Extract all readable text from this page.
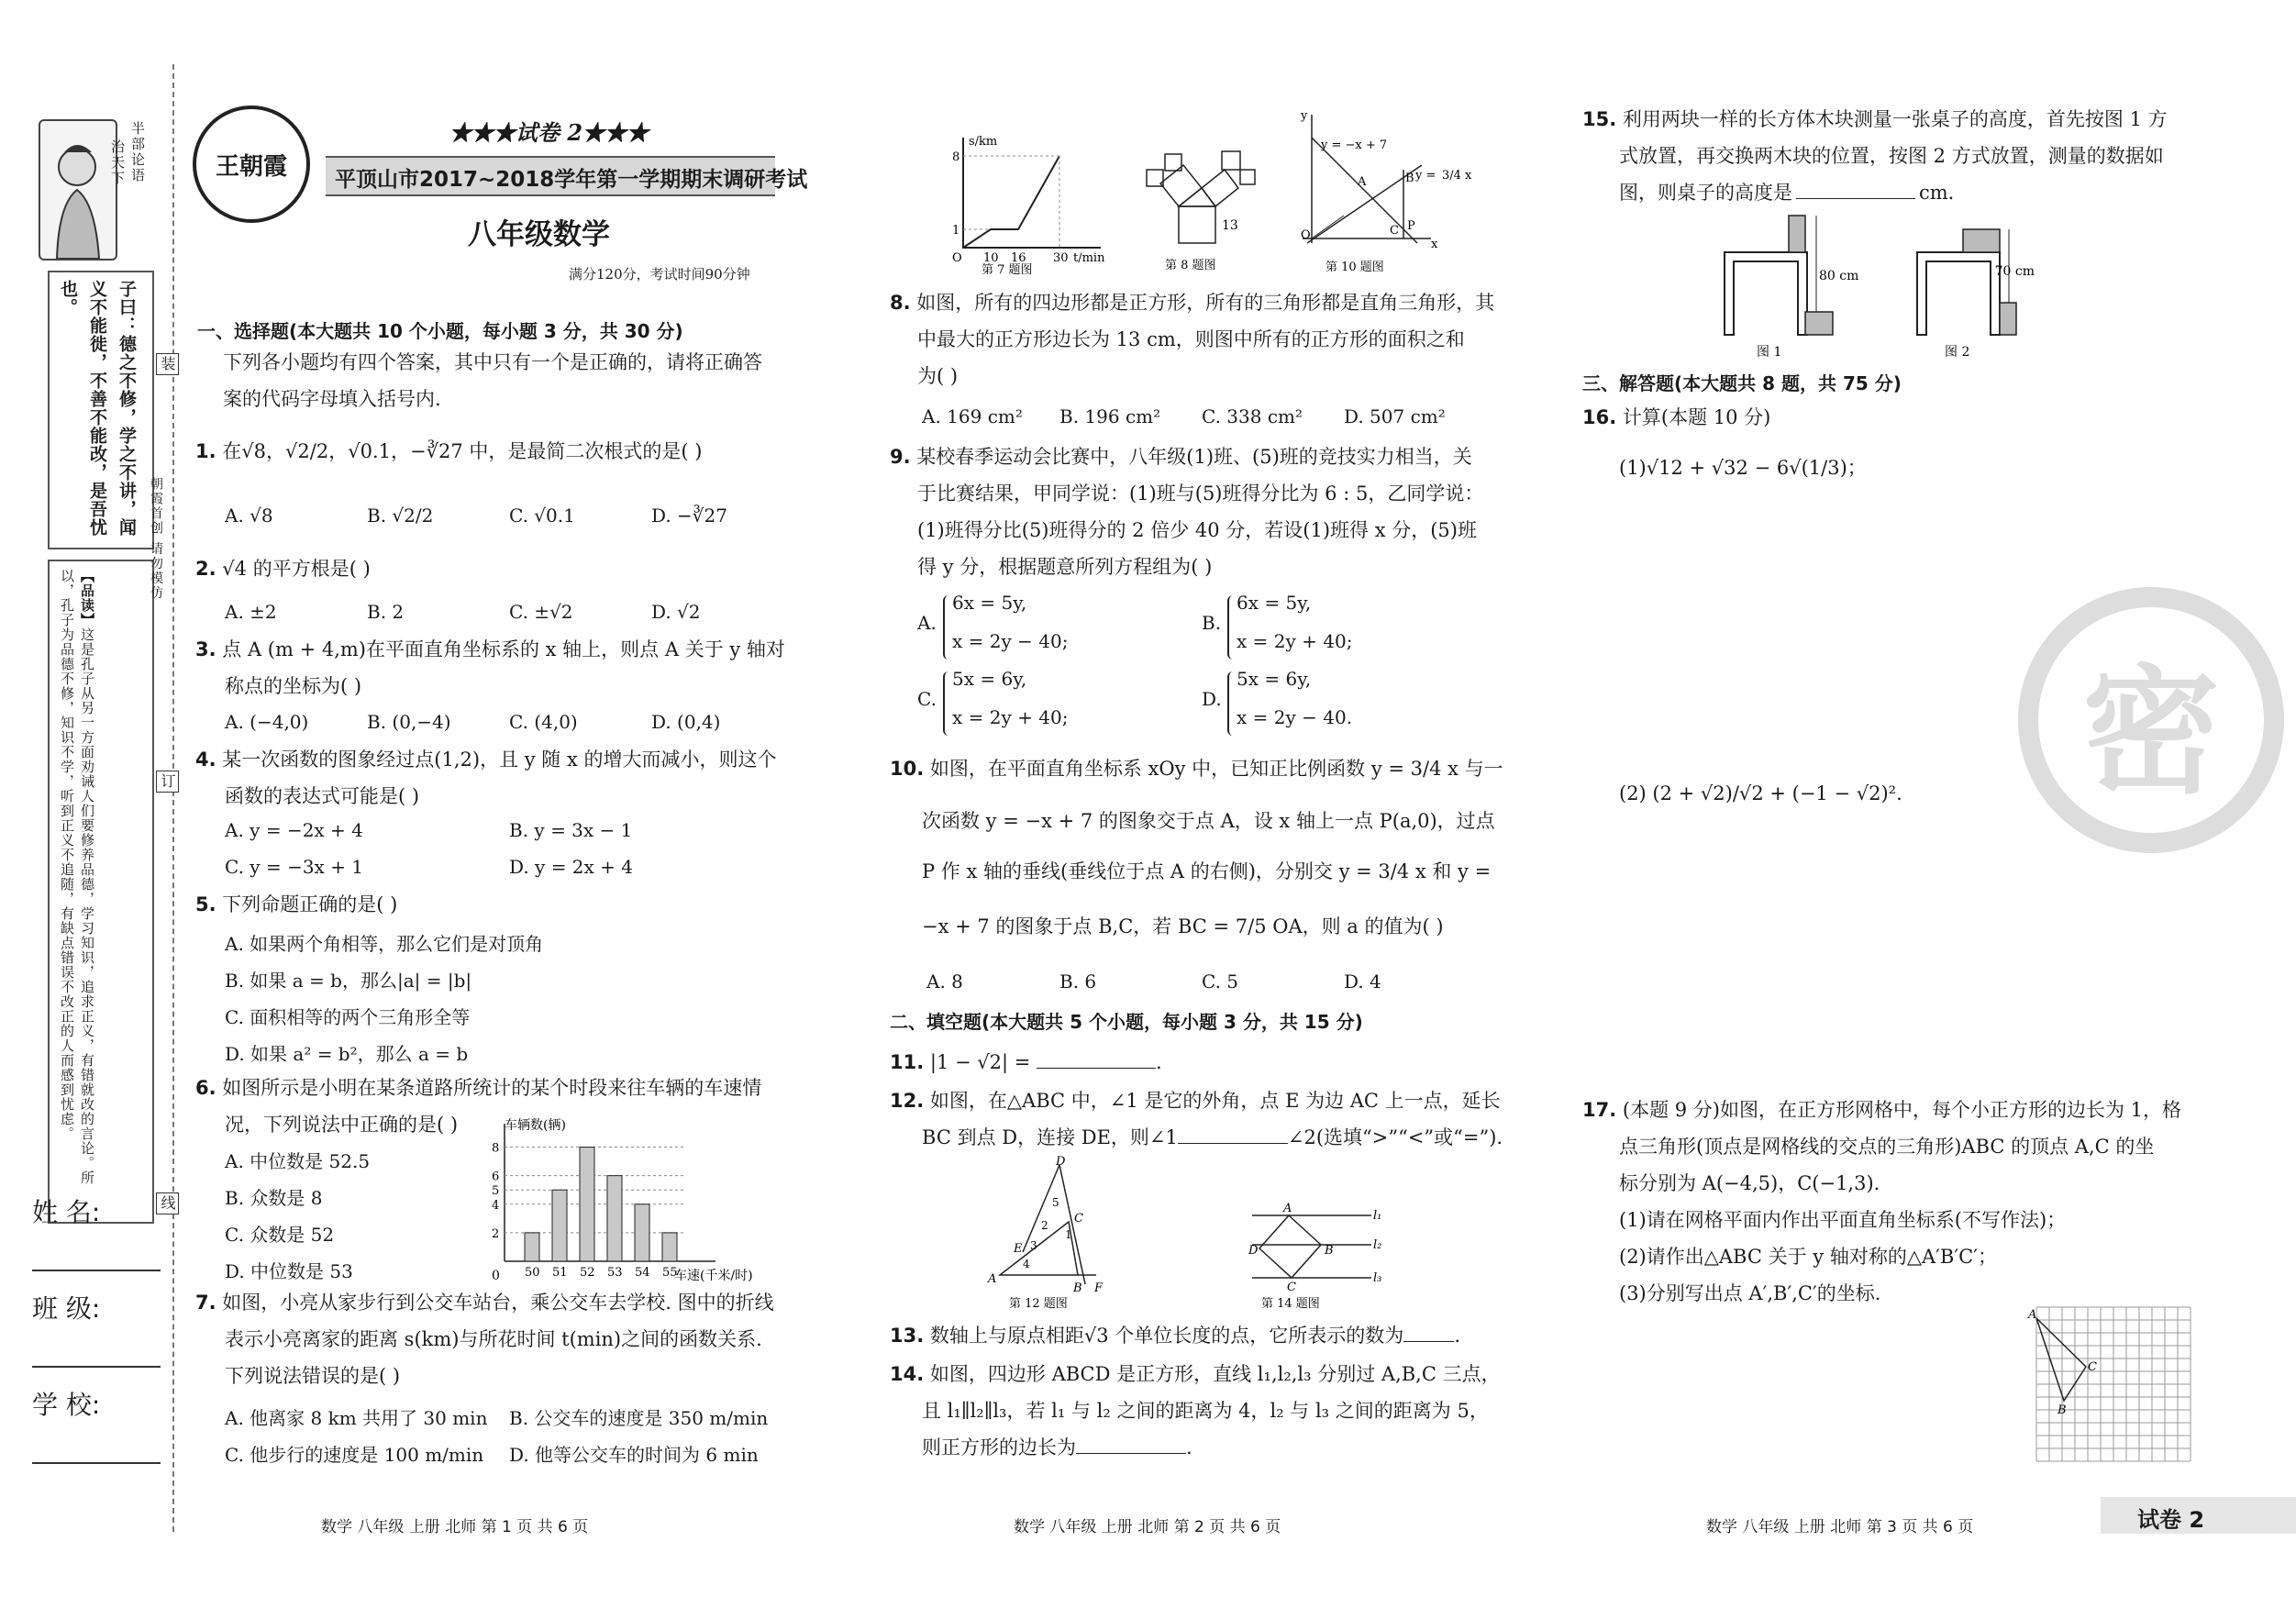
半部论语
治天下
子曰：德之不修，学之不讲，闻义不能徙，不善不能改，是吾忧也。
【品读】这是孔子从另一方面劝诫人们要修养品德，学习知识，追求正义，有错就改的言论。所以，孔子为品德不修，知识不学，听到正义不追随，有缺点错误不改正的人而感到忧虑。
装
朝霞首创 请勿模仿
订
线
姓 名:
班 级:
学 校:
王朝霞
★★★试卷 2★★★
平顶山市2017~2018学年第一学期期末调研考试
八年级数学
满分120分，考试时间90分钟
一、选择题(本大题共 10 个小题，每小题 3 分，共 30 分)
下列各小题均有四个答案，其中只有一个是正确的，请将正确答
案的代码字母填入括号内.
1. 在√8，√2/2，√0.1，−∛27 中，是最简二次根式的是( )
A. √8	B. √2/2	C. √0.1	D. −∛27
2. √4 的平方根是( )
A. ±2	B. 2	C. ±√2	D. √2
3. 点 A (m + 4,m)在平面直角坐标系的 x 轴上，则点 A 关于 y 轴对
称点的坐标为( )
A. (−4,0)	B. (0,−4)	C. (4,0)	D. (0,4)
4. 某一次函数的图象经过点(1,2)，且 y 随 x 的增大而减小，则这个
函数的表达式可能是( )
A. y = −2x + 4	B. y = 3x − 1
C. y = −3x + 1	D. y = 2x + 4
5. 下列命题正确的是( )
A. 如果两个角相等，那么它们是对顶角
B. 如果 a = b，那么|a| = |b|
C. 面积相等的两个三角形全等
D. 如果 a² = b²，那么 a = b
6. 如图所示是小明在某条道路所统计的某个时段来往车辆的车速情
况，下列说法中正确的是( )
A. 中位数是 52.5
B. 众数是 8
C. 众数是 52
D. 中位数是 53
车辆数(辆)
车速(千米/时)
0
2
4
5
6
8
50 51 52 53 54 55
7. 如图，小亮从家步行到公交车站台，乘公交车去学校. 图中的折线
表示小亮离家的距离 s(km)与所花时间 t(min)之间的函数关系.
下列说法错误的是( )
A. 他离家 8 km 共用了 30 min B. 公交车的速度是 350 m/min
C. 他步行的速度是 100 m/min D. 他等公交车的时间为 6 min
数学 八年级 上册 北师 第 1 页 共 6 页
s/km
8
1
O 10 16 30 t/min
第 7 题图
13
第 8 题图
y
y = −x + 7
y = 3/4 x
A	B
C P
O
x
第 10 题图
8. 如图，所有的四边形都是正方形，所有的三角形都是直角三角形，其
中最大的正方形边长为 13 cm，则图中所有的正方形的面积之和
为( )
A. 169 cm² B. 196 cm² C. 338 cm² D. 507 cm²
9. 某校春季运动会比赛中，八年级(1)班、(5)班的竞技实力相当，关
于比赛结果，甲同学说：(1)班与(5)班得分比为 6 : 5，乙同学说：
(1)班得分比(5)班得分的 2 倍少 40 分，若设(1)班得 x 分，(5)班
得 y 分，根据题意所列方程组为( )
A.
6x = 5y,
x = 2y − 40;
B.
6x = 5y,
x = 2y + 40;
C.
5x = 6y,
x = 2y + 40;
D.
5x = 6y,
x = 2y − 40.
10. 如图，在平面直角坐标系 xOy 中，已知正比例函数 y = 3/4 x 与一
次函数 y = −x + 7 的图象交于点 A，设 x 轴上一点 P(a,0)，过点
P 作 x 轴的垂线(垂线位于点 A 的右侧)，分别交 y = 3/4 x 和 y =
−x + 7 的图象于点 B,C，若 BC = 7/5 OA，则 a 的值为( )
A. 8	B. 6	C. 5	D. 4
二、填空题(本大题共 5 个小题，每小题 3 分，共 15 分)
11. |1 − √2| =	.
12. 如图，在△ABC 中，∠1 是它的外角，点 E 为边 AC 上一点，延长
BC 到点 D，连接 DE，则∠1	∠2(选填“>”“<”或“=”).
D
C
E
A
B F
1
2
3
4
5
第 12 题图
A
B
C
D
l₁
l₂
l₃
第 14 题图
13. 数轴上与原点相距√3 个单位长度的点，它所表示的数为	.
14. 如图，四边形 ABCD 是正方形，直线 l₁,l₂,l₃ 分别过 A,B,C 三点，
且 l₁∥l₂∥l₃，若 l₁ 与 l₂ 之间的距离为 4，l₂ 与 l₃ 之间的距离为 5，
则正方形的边长为	.
数学 八年级 上册 北师 第 2 页 共 6 页
15. 利用两块一样的长方体木块测量一张桌子的高度，首先按图 1 方
式放置，再交换两木块的位置，按图 2 方式放置，测量的数据如
图，则桌子的高度是	cm.
80 cm
图 1
70 cm
图 2
三、解答题(本大题共 8 题，共 75 分)
16. 计算(本题 10 分)
(1)√12 + √32 − 6√(1/3)；
(2) (2 + √2)/√2 + (−1 − √2)². 密
17. (本题 9 分)如图，在正方形网格中，每个小正方形的边长为 1，格
点三角形(顶点是网格线的交点的三角形)ABC 的顶点 A,C 的坐
标分别为 A(−4,5)，C(−1,3).
(1)请在网格平面内作出平面直角坐标系(不写作法)；
(2)请作出△ABC 关于 y 轴对称的△A′B′C′；
(3)分别写出点 A′,B′,C′的坐标.
A
B
C
数学 八年级 上册 北师 第 3 页 共 6 页	试卷 2
